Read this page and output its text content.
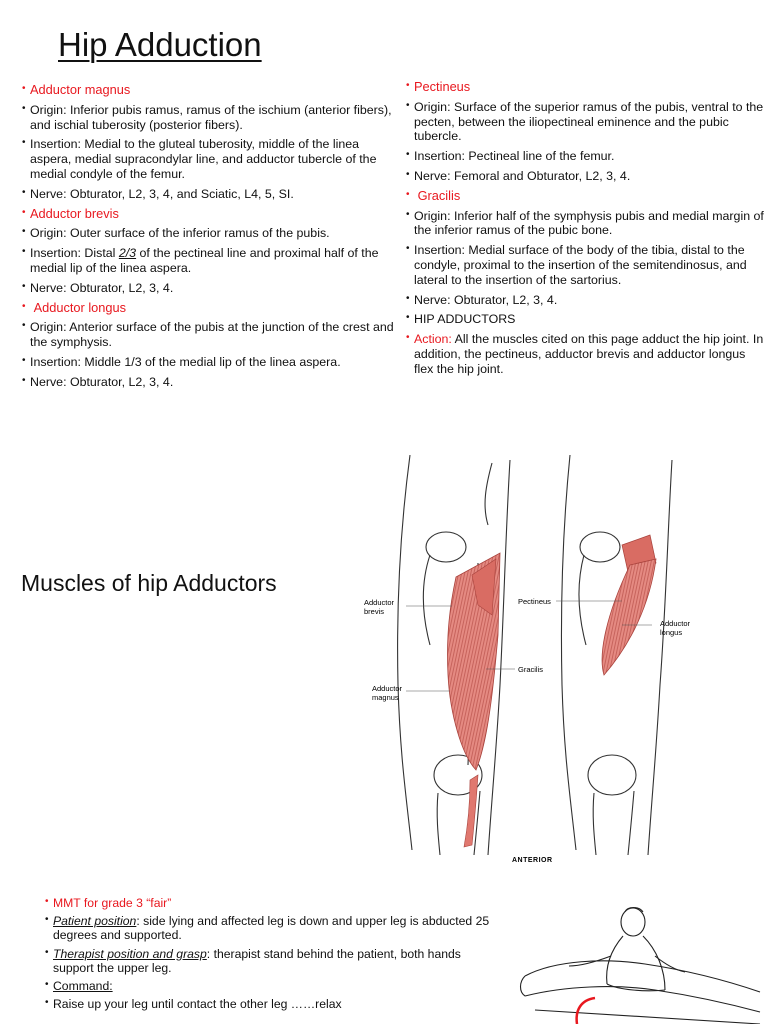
Hip Adduction

• Adductor magnus

• Origin: Inferior pubis ramus, ramus of the ischium (anterior fibers), and ischial tuberosity (posterior fibers).

• Insertion: Medial to the gluteal tuberosity, middle of the linea aspera, medial supracondylar line, and adductor tubercle of the medial condyle of the femur.

• Nerve: Obturator, L2, 3, 4, and Sciatic, L4, 5, SI.

• Adductor brevis

• Origin: Outer surface of the inferior ramus of the pubis.

• Insertion: Distal 2/3 of the pectineal line and proximal half of the medial lip of the linea aspera.

• Nerve: Obturator, L2, 3, 4.

• Adductor longus

• Origin: Anterior surface of the pubis at the junction of the crest and the symphysis.

• Insertion: Middle 1/3 of the medial lip of the linea aspera.

• Nerve: Obturator, L2, 3, 4.

• Pectineus

• Origin: Surface of the superior ramus of the pubis, ventral to the pecten, between the iliopectineal eminence and the pubic tubercle.

• Insertion: Pectineal line of the femur.

• Nerve: Femoral and Obturator, L2, 3, 4.

• Gracilis

• Origin: Inferior half of the symphysis pubis and medial margin of the inferior ramus of the pubic bone.

• Insertion: Medial surface of the body of the tibia, distal to the condyle, proximal to the insertion of the semitendinosus, and lateral to the insertion of the sartorius.

• Nerve: Obturator, L2, 3, 4.

• HIP ADDUCTORS

• Action: All the muscles cited on this page adduct the hip joint. In addition, the pectineus, adductor brevis and adductor longus flex the hip joint.

Muscles of hip Adductors
Adductor
brevis
Adductor
magnus
Pectineus
Gracilis
Adductor
longus
ANTERIOR

• MMT for grade 3 “fair”

• Patient position: side lying and affected leg is down and upper leg is abducted 25 degrees and supported.

• Therapist position and grasp: therapist stand behind the patient, both hands support the upper leg.

• Command:

• Raise up your leg until contact the other leg ……relax
